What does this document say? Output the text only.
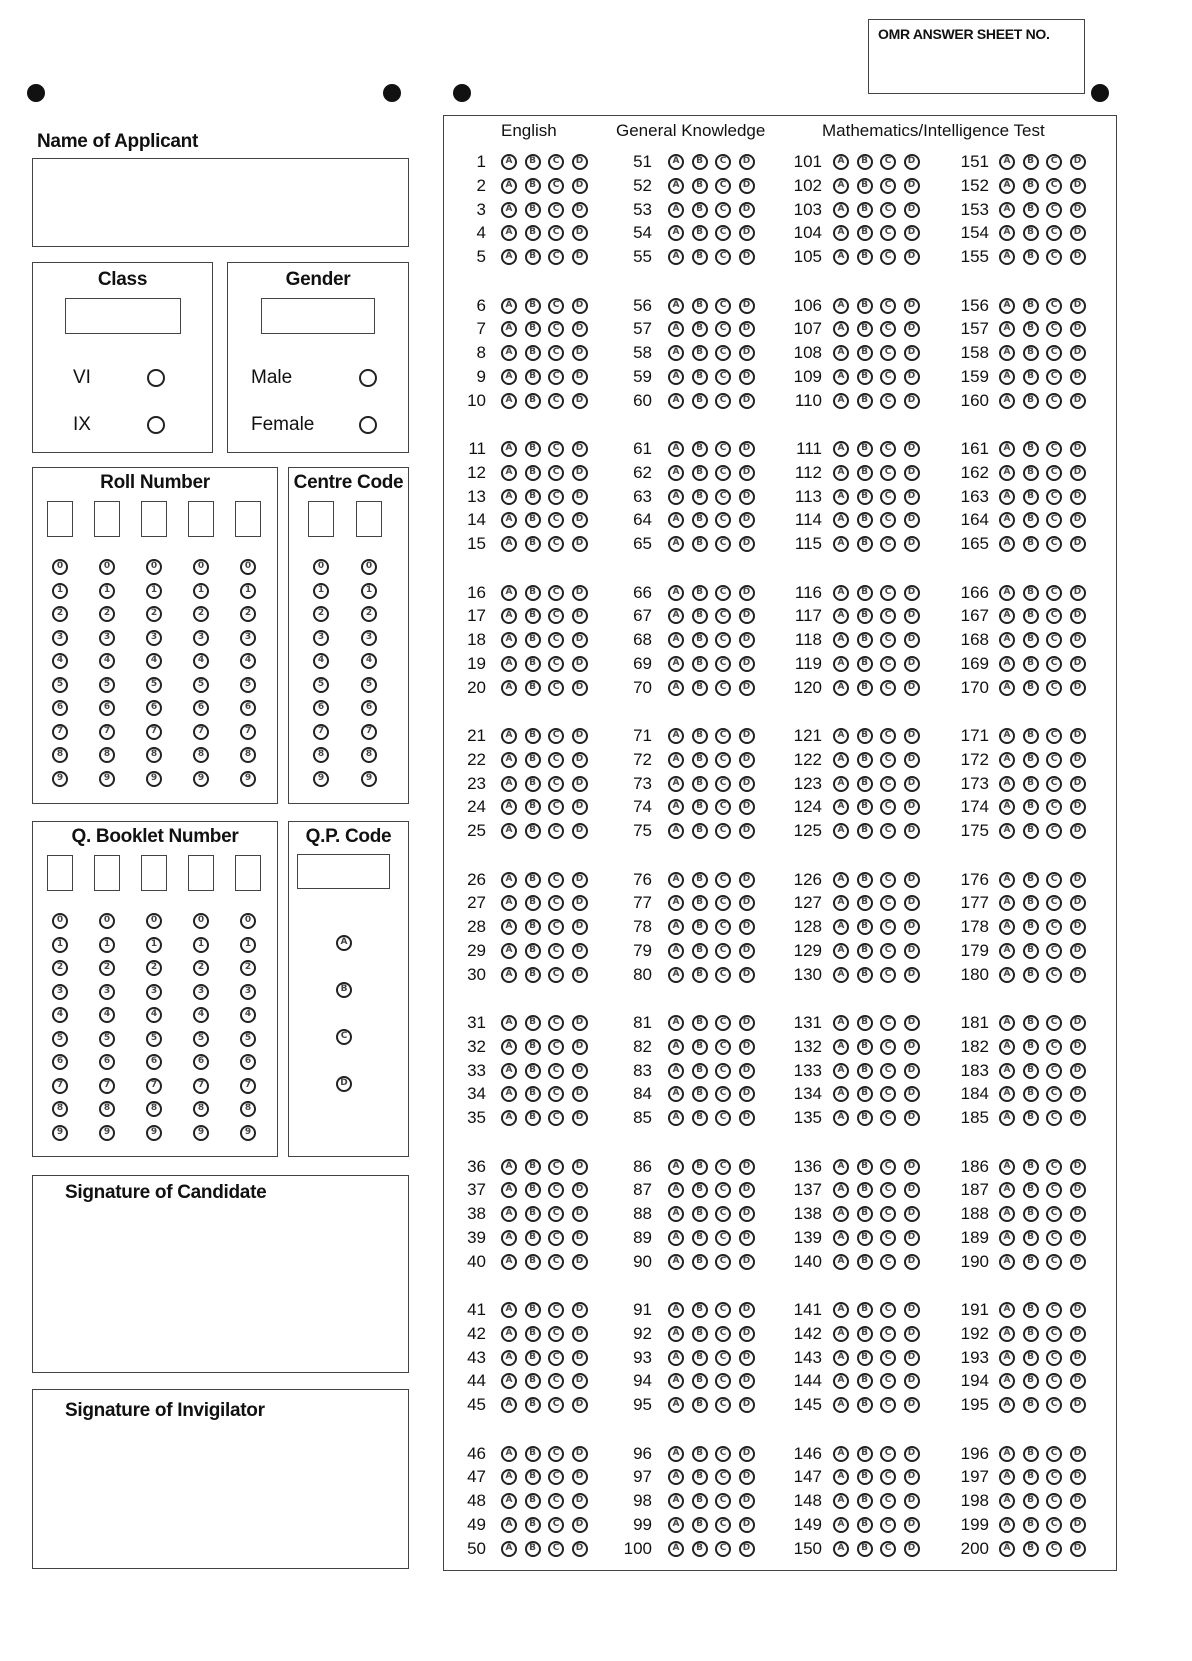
OMR ANSWER SHEET NO.
Name of Applicant
Class
VI
IX
Gender
Male
Female
Roll Number
0
1
2
3
4
5
6
7
8
9
0
1
2
3
4
5
6
7
8
9
0
1
2
3
4
5
6
7
8
9
0
1
2
3
4
5
6
7
8
9
0
1
2
3
4
5
6
7
8
9
Centre Code
0
1
2
3
4
5
6
7
8
9
0
1
2
3
4
5
6
7
8
9
Q. Booklet Number
0
1
2
3
4
5
6
7
8
9
0
1
2
3
4
5
6
7
8
9
0
1
2
3
4
5
6
7
8
9
0
1
2
3
4
5
6
7
8
9
0
1
2
3
4
5
6
7
8
9
Q.P. Code
A
B
C
D
Signature of Candidate
Signature of Invigilator
English	General Knowledge	Mathematics/Intelligence Test
1	A	B	C	D
2	A	B	C	D
3	A	B	C	D
4	A	B	C	D
5	A	B	C	D
6	A	B	C	D
7	A	B	C	D
8	A	B	C	D
9	A	B	C	D
10	A	B	C	D
11	A	B	C	D
12	A	B	C	D
13	A	B	C	D
14	A	B	C	D
15	A	B	C	D
16	A	B	C	D
17	A	B	C	D
18	A	B	C	D
19	A	B	C	D
20	A	B	C	D
21	A	B	C	D
22	A	B	C	D
23	A	B	C	D
24	A	B	C	D
25	A	B	C	D
26	A	B	C	D
27	A	B	C	D
28	A	B	C	D
29	A	B	C	D
30	A	B	C	D
31	A	B	C	D
32	A	B	C	D
33	A	B	C	D
34	A	B	C	D
35	A	B	C	D
36	A	B	C	D
37	A	B	C	D
38	A	B	C	D
39	A	B	C	D
40	A	B	C	D
41	A	B	C	D
42	A	B	C	D
43	A	B	C	D
44	A	B	C	D
45	A	B	C	D
46	A	B	C	D
47	A	B	C	D
48	A	B	C	D
49	A	B	C	D
50	A	B	C	D
51	A	B	C	D
52	A	B	C	D
53	A	B	C	D
54	A	B	C	D
55	A	B	C	D
56	A	B	C	D
57	A	B	C	D
58	A	B	C	D
59	A	B	C	D
60	A	B	C	D
61	A	B	C	D
62	A	B	C	D
63	A	B	C	D
64	A	B	C	D
65	A	B	C	D
66	A	B	C	D
67	A	B	C	D
68	A	B	C	D
69	A	B	C	D
70	A	B	C	D
71	A	B	C	D
72	A	B	C	D
73	A	B	C	D
74	A	B	C	D
75	A	B	C	D
76	A	B	C	D
77	A	B	C	D
78	A	B	C	D
79	A	B	C	D
80	A	B	C	D
81	A	B	C	D
82	A	B	C	D
83	A	B	C	D
84	A	B	C	D
85	A	B	C	D
86	A	B	C	D
87	A	B	C	D
88	A	B	C	D
89	A	B	C	D
90	A	B	C	D
91	A	B	C	D
92	A	B	C	D
93	A	B	C	D
94	A	B	C	D
95	A	B	C	D
96	A	B	C	D
97	A	B	C	D
98	A	B	C	D
99	A	B	C	D
100	A	B	C	D
101	A	B	C	D
102	A	B	C	D
103	A	B	C	D
104	A	B	C	D
105	A	B	C	D
106	A	B	C	D
107	A	B	C	D
108	A	B	C	D
109	A	B	C	D
110	A	B	C	D
111	A	B	C	D
112	A	B	C	D
113	A	B	C	D
114	A	B	C	D
115	A	B	C	D
116	A	B	C	D
117	A	B	C	D
118	A	B	C	D
119	A	B	C	D
120	A	B	C	D
121	A	B	C	D
122	A	B	C	D
123	A	B	C	D
124	A	B	C	D
125	A	B	C	D
126	A	B	C	D
127	A	B	C	D
128	A	B	C	D
129	A	B	C	D
130	A	B	C	D
131	A	B	C	D
132	A	B	C	D
133	A	B	C	D
134	A	B	C	D
135	A	B	C	D
136	A	B	C	D
137	A	B	C	D
138	A	B	C	D
139	A	B	C	D
140	A	B	C	D
141	A	B	C	D
142	A	B	C	D
143	A	B	C	D
144	A	B	C	D
145	A	B	C	D
146	A	B	C	D
147	A	B	C	D
148	A	B	C	D
149	A	B	C	D
150	A	B	C	D
151	A	B	C	D
152	A	B	C	D
153	A	B	C	D
154	A	B	C	D
155	A	B	C	D
156	A	B	C	D
157	A	B	C	D
158	A	B	C	D
159	A	B	C	D
160	A	B	C	D
161	A	B	C	D
162	A	B	C	D
163	A	B	C	D
164	A	B	C	D
165	A	B	C	D
166	A	B	C	D
167	A	B	C	D
168	A	B	C	D
169	A	B	C	D
170	A	B	C	D
171	A	B	C	D
172	A	B	C	D
173	A	B	C	D
174	A	B	C	D
175	A	B	C	D
176	A	B	C	D
177	A	B	C	D
178	A	B	C	D
179	A	B	C	D
180	A	B	C	D
181	A	B	C	D
182	A	B	C	D
183	A	B	C	D
184	A	B	C	D
185	A	B	C	D
186	A	B	C	D
187	A	B	C	D
188	A	B	C	D
189	A	B	C	D
190	A	B	C	D
191	A	B	C	D
192	A	B	C	D
193	A	B	C	D
194	A	B	C	D
195	A	B	C	D
196	A	B	C	D
197	A	B	C	D
198	A	B	C	D
199	A	B	C	D
200	A	B	C	D
